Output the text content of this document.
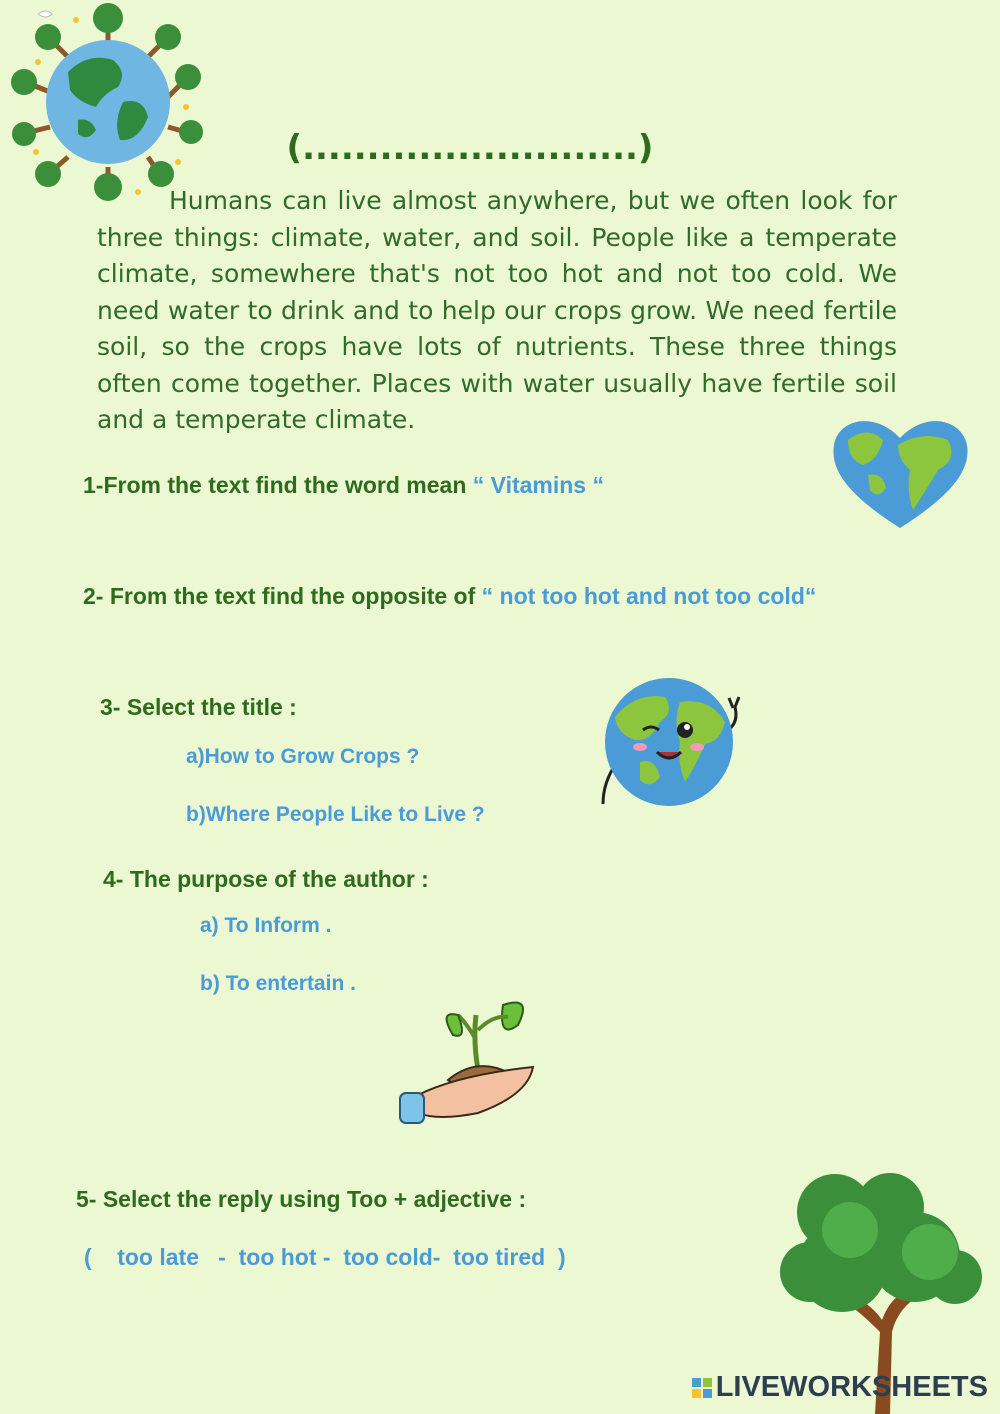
(..........................)
Humans can live almost anywhere, but we often look for three things: climate, water, and soil. People like a temperate climate, somewhere that's not too hot and not too cold. We need water to drink and to help our crops grow. We need fertile soil, so the crops have lots of nutrients. These three things often come together. Places with water usually have fertile soil and a temperate climate.
1-From the text find the word mean “ Vitamins “
2- From the text find the opposite of “ not too hot and not too cold“
3- Select the title :
a)How to Grow Crops ?
b)Where People Like to Live ?
4- The purpose of the author :
a) To Inform .
b) To entertain .
5- Select the reply using Too + adjective :
(    too late   -  too hot -  too cold-  too tired  )
LIVEWORKSHEETS
